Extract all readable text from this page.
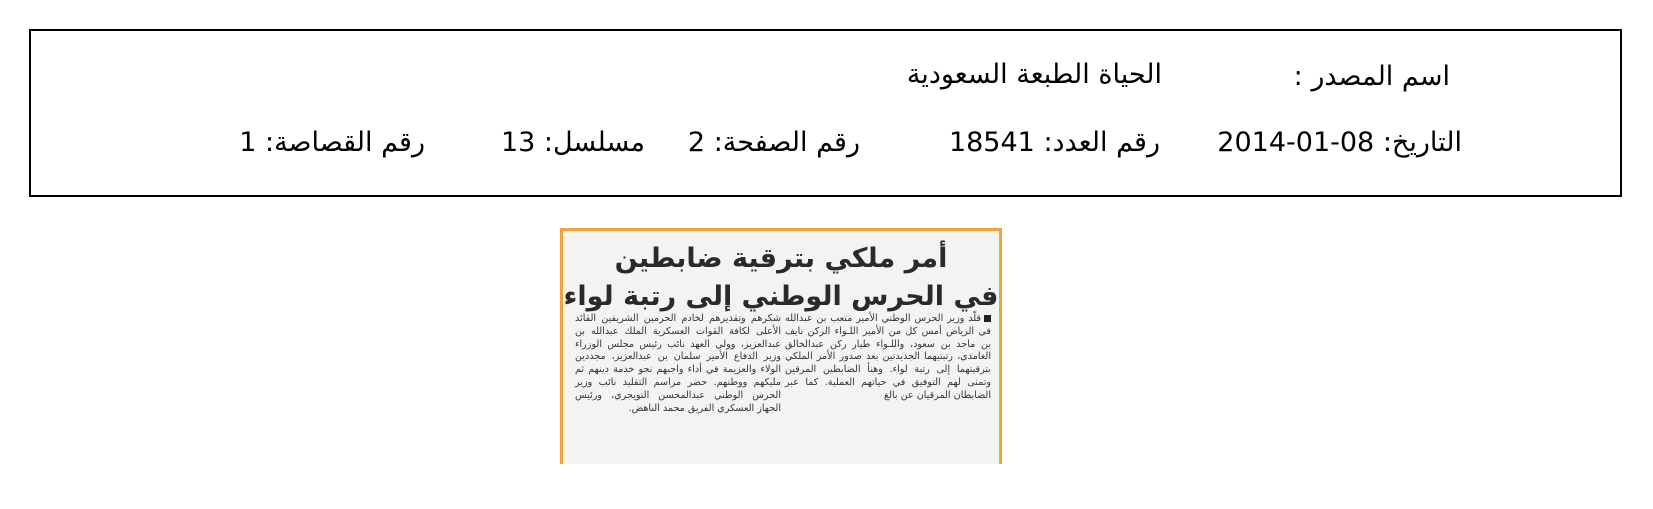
اسم المصدر :
الحياة الطبعة السعودية
التاريخ: 08-01-2014
رقم العدد: 18541
رقم الصفحة: 2
مسلسل: 13
رقم القصاصة: 1
أمر ملكي بترقية ضابطين
في الحرس الوطني إلى رتبة لواء
قلّد وزير الحرس الوطني الأمير متعب بن عبدالله في الرياض أمس كل من الأمير اللـواء الركن نايف بن ماجد بن سعود، واللـواء طيار ركن عبدالخالق الغامدي، رتبتيهما الجديدتين بعد صدور الأمر الملكي بترقيتهما إلى رتبة لواء. وهنأ الضابطين المرقين وتمنى لهم التوفيق في حياتهم العملية. كما عبر الضابطان المرقيان عن بالغ
شكرهم وتقديرهم لخادم الحرمين الشريفين القائد الأعلى لكافة القوات العسكرية الملك عبدالله بن عبدالعزيز، وولي العهد نائب رئيس مجلس الوزراء وزير الدفاع الأمير سلمان بن عبدالعزيز، مجددين الولاء والعزيمة في أداء واجبهم نحو خدمة دينهم ثم مليكهم ووطنهم. حضر مراسم التقليد نائب وزير الحرس الوطني عبدالمحسن التويجري، ورئيس الجهاز العسكري الفريق محمد الناهض.
